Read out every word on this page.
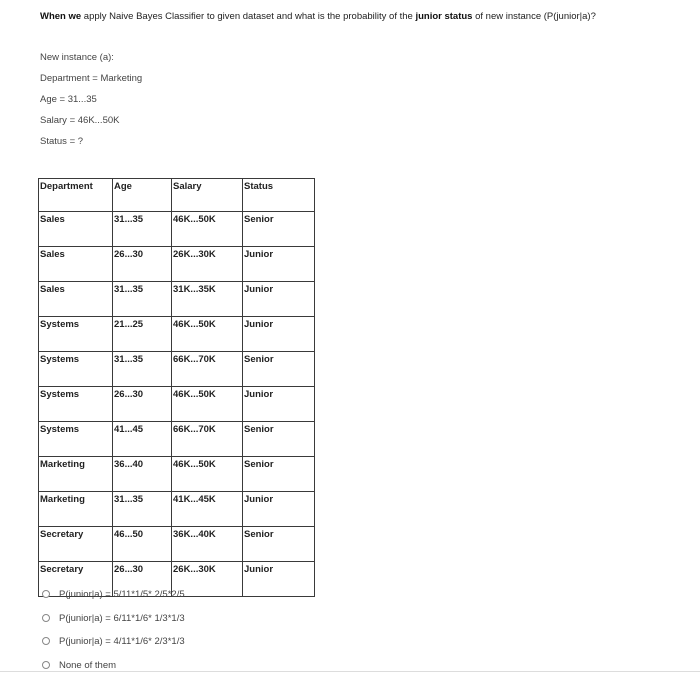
When we apply Naive Bayes Classifier to given dataset and what is the probability of the junior status of new instance (P(junior|a)?
New instance (a):
Department = Marketing
Age = 31...35
Salary = 46K...50K
Status = ?
Department	Age	Salary	Status
Sales	31...35	46K...50K	Senior
Sales	26...30	26K...30K	Junior
Sales	31...35	31K...35K	Junior
Systems	21...25	46K...50K	Junior
Systems	31...35	66K...70K	Senior
Systems	26...30	46K...50K	Junior
Systems	41...45	66K...70K	Senior
Marketing	36...40	46K...50K	Senior
Marketing	31...35	41K...45K	Junior
Secretary	46...50	36K...40K	Senior
Secretary	26...30	26K...30K	Junior
P(junior|a) = 5/11*1/5* 2/5*2/5
P(junior|a) = 6/11*1/6* 1/3*1/3
P(junior|a) = 4/11*1/6* 2/3*1/3
None of them
